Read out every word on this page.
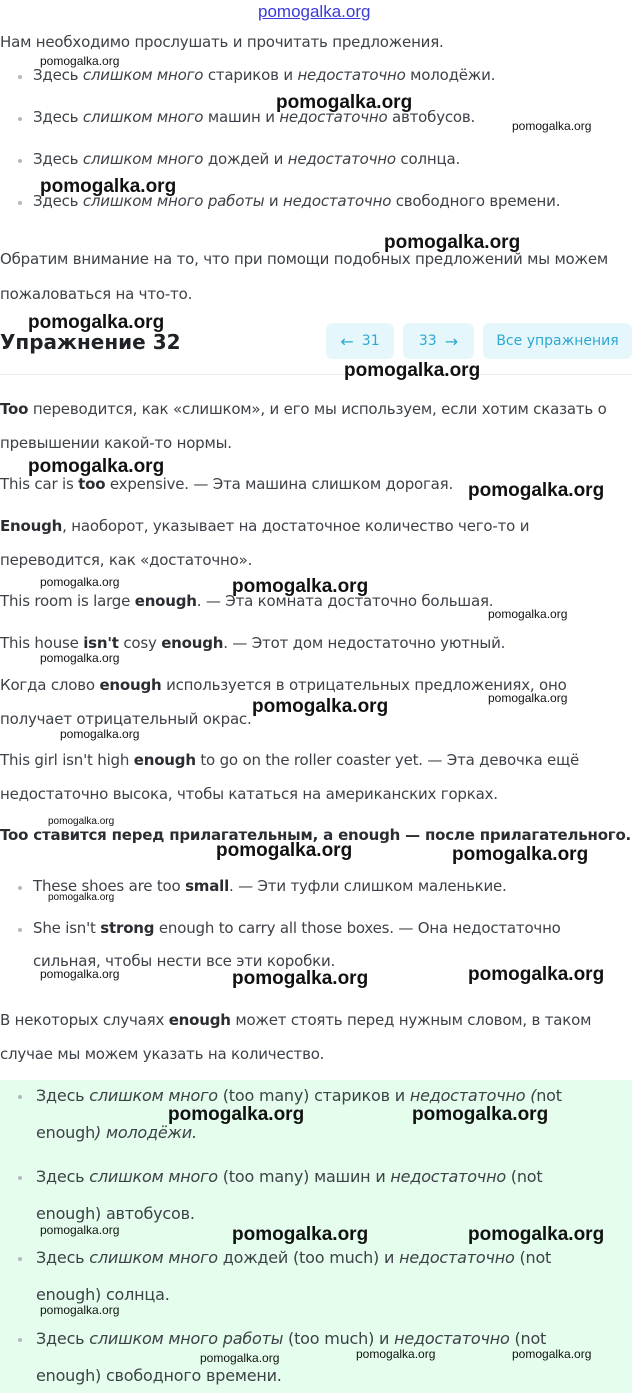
pomogalka.org
Нам необходимо прослушать и прочитать предложения.
Здесь слишком много стариков и недостаточно молодёжи.
Здесь слишком много машин и недостаточно автобусов.
Здесь слишком много дождей и недостаточно солнца.
Здесь слишком много работы и недостаточно свободного времени.
Обратим внимание на то, что при помощи подобных предложений мы можем
пожаловаться на что-то.
Упражнение 32	← 31	33 →	Все упражнения
Too переводится, как «слишком», и его мы используем, если хотим сказать о
превышении какой-то нормы.
This car is too expensive. — Эта машина слишком дорогая.
Enough, наоборот, указывает на достаточное количество чего-то и
переводится, как «достаточно».
This room is large enough. — Эта комната достаточно большая.
This house isn't cosy enough. — Этот дом недостаточно уютный.
Когда слово enough используется в отрицательных предложениях, оно
получает отрицательный окрас.
This girl isn't high enough to go on the roller coaster yet. — Эта девочка ещё
недостаточно высока, чтобы кататься на американских горках.
Too ставится перед прилагательным, а enough — после прилагательного.
These shoes are too small. — Эти туфли слишком маленькие.
She isn't strong enough to carry all those boxes. — Она недостаточно
сильная, чтобы нести все эти коробки.
В некоторых случаях enough может стоять перед нужным словом, в таком
случае мы можем указать на количество.
Здесь слишком много (too many) стариков и недостаточно (not
enough) молодёжи.
Здесь слишком много (too many) машин и недостаточно (not
enough) автобусов.
Здесь слишком много дождей (too much) и недостаточно (not
enough) солнца.
Здесь слишком много работы (too much) и недостаточно (not
enough) свободного времени.
pomogalka.org
pomogalka.org
pomogalka.org
pomogalka.org
pomogalka.org
pomogalka.org
pomogalka.org
pomogalka.org
pomogalka.org
pomogalka.org	pomogalka.org
pomogalka.org
pomogalka.org
pomogalka.org
pomogalka.org
pomogalka.org
pomogalka.org
pomogalka.org	pomogalka.org
pomogalka.org
pomogalka.org	pomogalka.org	pomogalka.org
pomogalka.org	pomogalka.org
pomogalka.org	pomogalka.org	pomogalka.org
pomogalka.org
pomogalka.org	pomogalka.org	pomogalka.org
